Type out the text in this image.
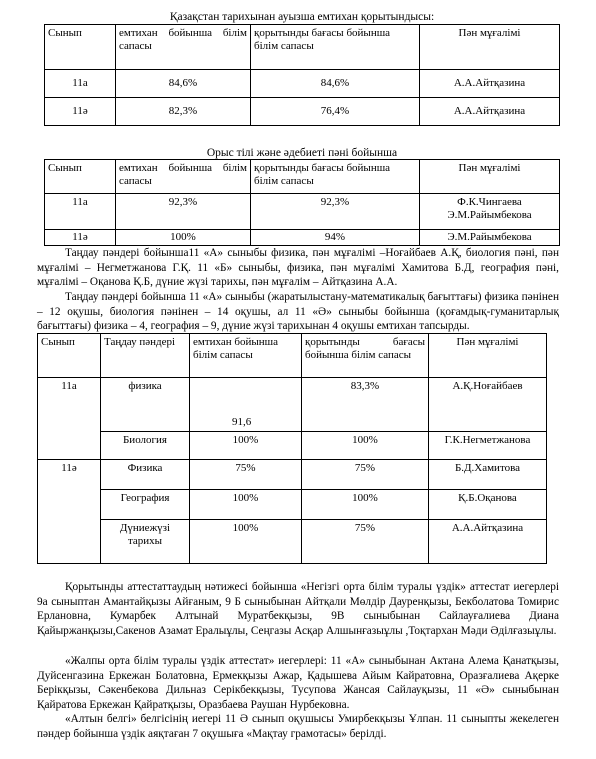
Қазақстан тарихынан ауызша емтихан қорытындысы:
Сынып	емтихан бойынша білім сапасы	қорытынды бағасы бойынша білім сапасы	Пән мұғалімі
11а	84,6%	84,6%	А.А.Айтқазина
11ә	82,3%	76,4%	А.А.Айтқазина
Орыс тілі және әдебиеті пәні бойынша
Сынып	емтихан бойынша білім сапасы	қорытынды бағасы бойынша білім сапасы	Пән мұғалімі
11а	92,3%	92,3%	Ф.К.Чингаева
Э.М.Райымбекова

11ә	100%	94%	Э.М.Райымбекова

Таңдау пәндері бойынша11 «А» сыныбы физика, пән мұғалімі –Ноғайбаев А.Қ, биология пәні, пән мұғалімі – Негметжанова Г.Қ. 11 «Б» сыныбы, физика, пән мұғалімі Хамитова Б.Д, география пәні, мұғалімі – Оқанова Қ.Б, дүние жүзі тарихы, пән мұғалім – Айтқазина А.А.

Таңдау пәндері бойынша 11 «А» сыныбы (жаратылыстану-математикалық бағыттағы) физика пәнінен – 12 оқушы, биология пәнінен – 14 оқушы, ал 11 «Ә» сыныбы бойынша (қоғамдық-гуманитарлық бағыттағы) физика – 4, география – 9, дүние жүзі тарихынан 4 оқушы емтихан тапсырды.

Сынып	Таңдау пәндері	емтихан бойынша білім сапасы	қорытынды бағасы бойынша білім сапасы	Пән мұғалімі
11а	физика	91,6	83,3%	А.Қ.Ноғайбаев
	Биология	100%	100%	Г.К.Негметжанова
11ә	Физика	75%	75%	Б.Д.Хамитова
	География	100%	100%	Қ.Б.Оқанова
	Дүниежүзі тарихы	100%	75%	А.А.Айтқазина

Қорытынды аттестаттаудың нәтижесі бойынша «Негізгі орта білім туралы үздік» аттестат иегерлері 9а сыныптан Амантайқызы Айғаным, 9 Б сыныбынан Айтқали Мөлдір Дауренқызы, Бекболатова Томирис Ерлановна, Кумарбек Алтынай Муратбекқызы, 9В сыныбынан Сайлауғалиева Диана Қайыржанқызы,Сакенов Азамат Ералыұлы, Сеңгазы Асқар Алшынғазыұлы ,Тоқтархан Мәди Әділғазыұлы.

«Жалпы орта білім туралы үздік аттестат» иегерлері: 11 «А» сыныбынан Актана Алема Қанатқызы, Дуйсенгазина Еркежан Болатовна, Ермекқызы Ажар, Қадышева Айым Кайратовна, Оразғалиева Ақерке Берікқызы, Сәкенбекова Дильназ Серікбекқызы, Тусупова Жансая Сайлауқызы, 11 «Ә» сыныбынан Қайратова Еркежан Қайратқызы, Оразбаева Раушан Нурбековна.

«Алтын белгі» белгісінің иегері 11 Ә сынып оқушысы Умирбекқызы Ұлпан. 11 сыныпты жекелеген пәндер бойынша үздік аяқтаған 7 оқушыға «Мақтау грамотасы» берілді.
